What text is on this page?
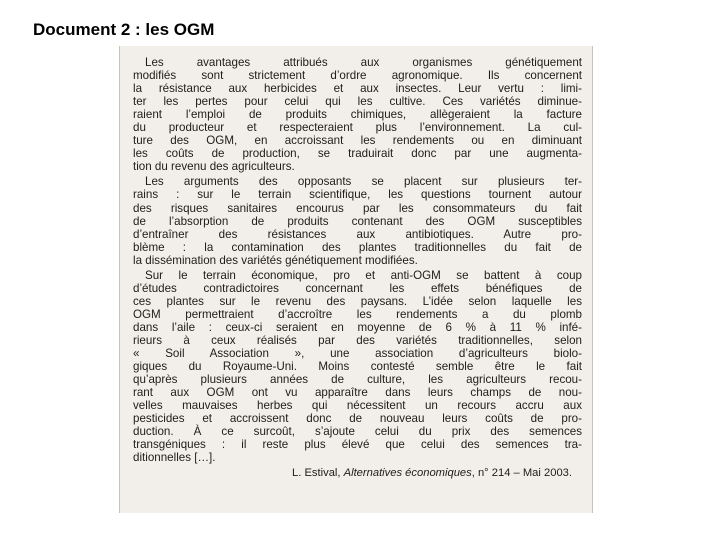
Document 2 : les OGM

Les avantages attribués aux organismes génétiquement
modifiés sont strictement d’ordre agronomique. Ils concernent
la résistance aux herbicides et aux insectes. Leur vertu : limi-
ter les pertes pour celui qui les cultive. Ces variétés diminue-
raient l’emploi de produits chimiques, allègeraient la facture
du producteur et respecteraient plus l’environnement. La cul-
ture des OGM, en accroissant les rendements ou en diminuant
les coûts de production, se traduirait donc par une augmenta-
tion du revenu des agriculteurs.

Les arguments des opposants se placent sur plusieurs ter-
rains : sur le terrain scientifique, les questions tournent autour
des risques sanitaires encourus par les consommateurs du fait
de l’absorption de produits contenant des OGM susceptibles
d’entraîner des résistances aux antibiotiques. Autre pro-
blème : la contamination des plantes traditionnelles du fait de
la dissémination des variétés génétiquement modifiées.

Sur le terrain économique, pro et anti-OGM se battent à coup
d’études contradictoires concernant les effets bénéfiques de
ces plantes sur le revenu des paysans. L’idée selon laquelle les
OGM permettraient d’accroître les rendements a du plomb
dans l’aile : ceux-ci seraient en moyenne de 6 % à 11 % infé-
rieurs à ceux réalisés par des variétés traditionnelles, selon
« Soil Association », une association d’agriculteurs biolo-
giques du Royaume-Uni. Moins contesté semble être le fait
qu’après plusieurs années de culture, les agriculteurs recou-
rant aux OGM ont vu apparaître dans leurs champs de nou-
velles mauvaises herbes qui nécessitent un recours accru aux
pesticides et accroissent donc de nouveau leurs coûts de pro-
duction. À ce surcoût, s’ajoute celui du prix des semences
transgéniques : il reste plus élevé que celui des semences tra-
ditionnelles […].

L. Estival, Alternatives économiques, n° 214 – Mai 2003.
